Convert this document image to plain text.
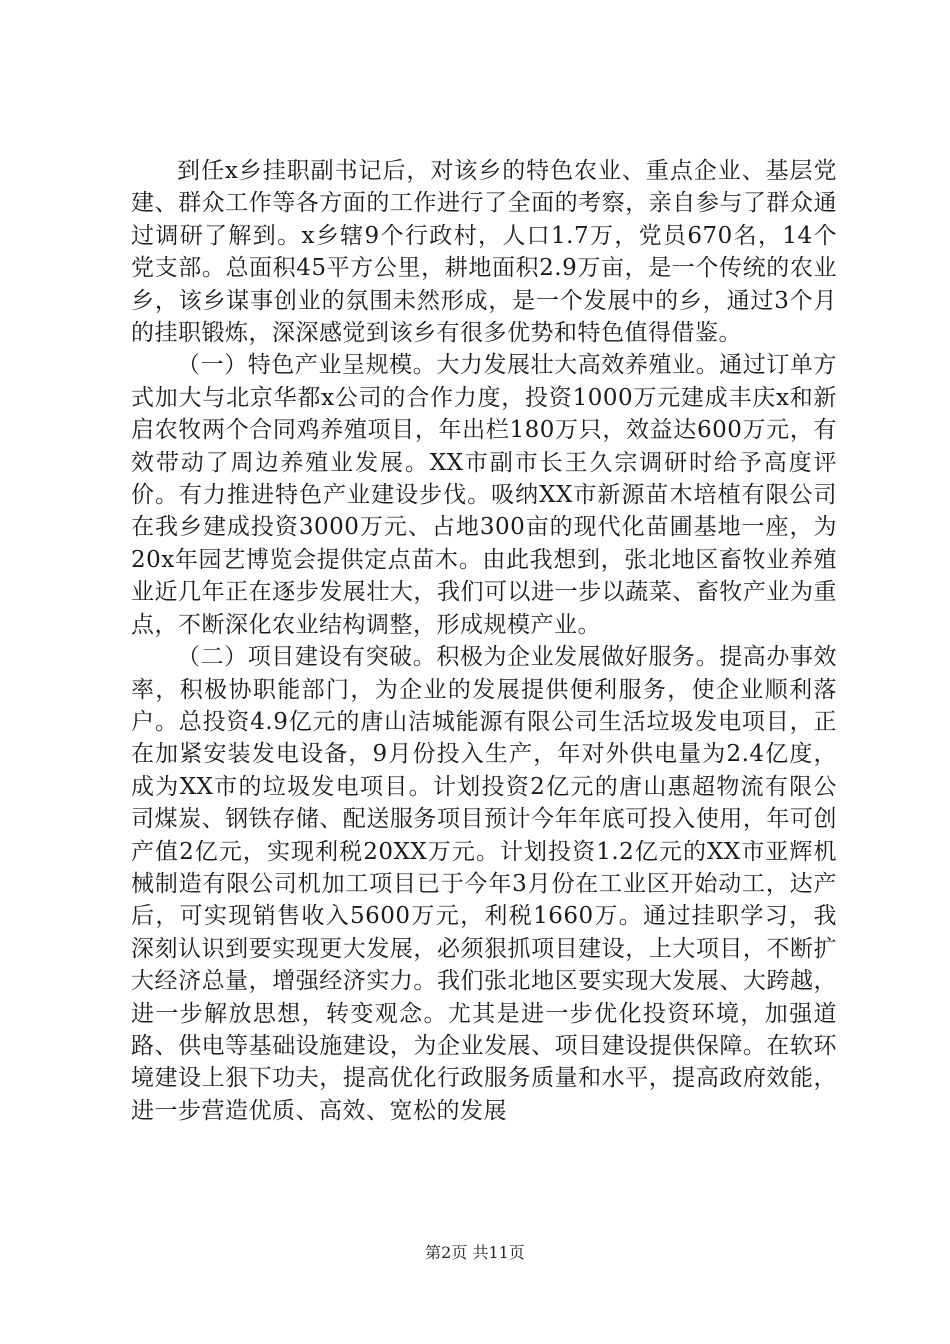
到任x乡挂职副书记后，对该乡的特色农业、重点企业、基层党建、群众工作等各方面的工作进行了全面的考察，亲自参与了群众通过调研了解到。x乡辖9个行政村，人口1.7万，党员670名，14个党支部。总面积45平方公里，耕地面积2.9万亩，是一个传统的农业乡，该乡谋事创业的氛围未然形成，是一个发展中的乡，通过3个月的挂职锻炼，深深感觉到该乡有很多优势和特色值得借鉴。

（一）特色产业呈规模。大力发展壮大高效养殖业。通过订单方式加大与北京华都x公司的合作力度，投资1000万元建成丰庆x和新启农牧两个合同鸡养殖项目，年出栏180万只，效益达600万元，有效带动了周边养殖业发展。XX市副市长王久宗调研时给予高度评价。有力推进特色产业建设步伐。吸纳XX市新源苗木培植有限公司在我乡建成投资3000万元、占地300亩的现代化苗圃基地一座，为20x年园艺博览会提供定点苗木。由此我想到，张北地区畜牧业养殖业近几年正在逐步发展壮大，我们可以进一步以蔬菜、畜牧产业为重点，不断深化农业结构调整，形成规模产业。

（二）项目建设有突破。积极为企业发展做好服务。提高办事效率，积极协职能部门，为企业的发展提供便利服务，使企业顺利落户。总投资4.9亿元的唐山洁城能源有限公司生活垃圾发电项目，正在加紧安装发电设备，9月份投入生产，年对外供电量为2.4亿度，成为XX市的垃圾发电项目。计划投资2亿元的唐山惠超物流有限公司煤炭、钢铁存储、配送服务项目预计今年年底可投入使用，年可创产值2亿元，实现利税20XX万元。计划投资1.2亿元的XX市亚辉机械制造有限公司机加工项目已于今年3月份在工业区开始动工，达产后，可实现销售收入5600万元，利税1660万。通过挂职学习，我深刻认识到要实现更大发展，必须狠抓项目建设，上大项目，不断扩大经济总量，增强经济实力。我们张北地区要实现大发展、大跨越，进一步解放思想，转变观念。尤其是进一步优化投资环境，加强道路、供电等基础设施建设，为企业发展、项目建设提供保障。在软环境建设上狠下功夫，提高优化行政服务质量和水平，提高政府效能，进一步营造优质、高效、宽松的发展

第2页 共11页
